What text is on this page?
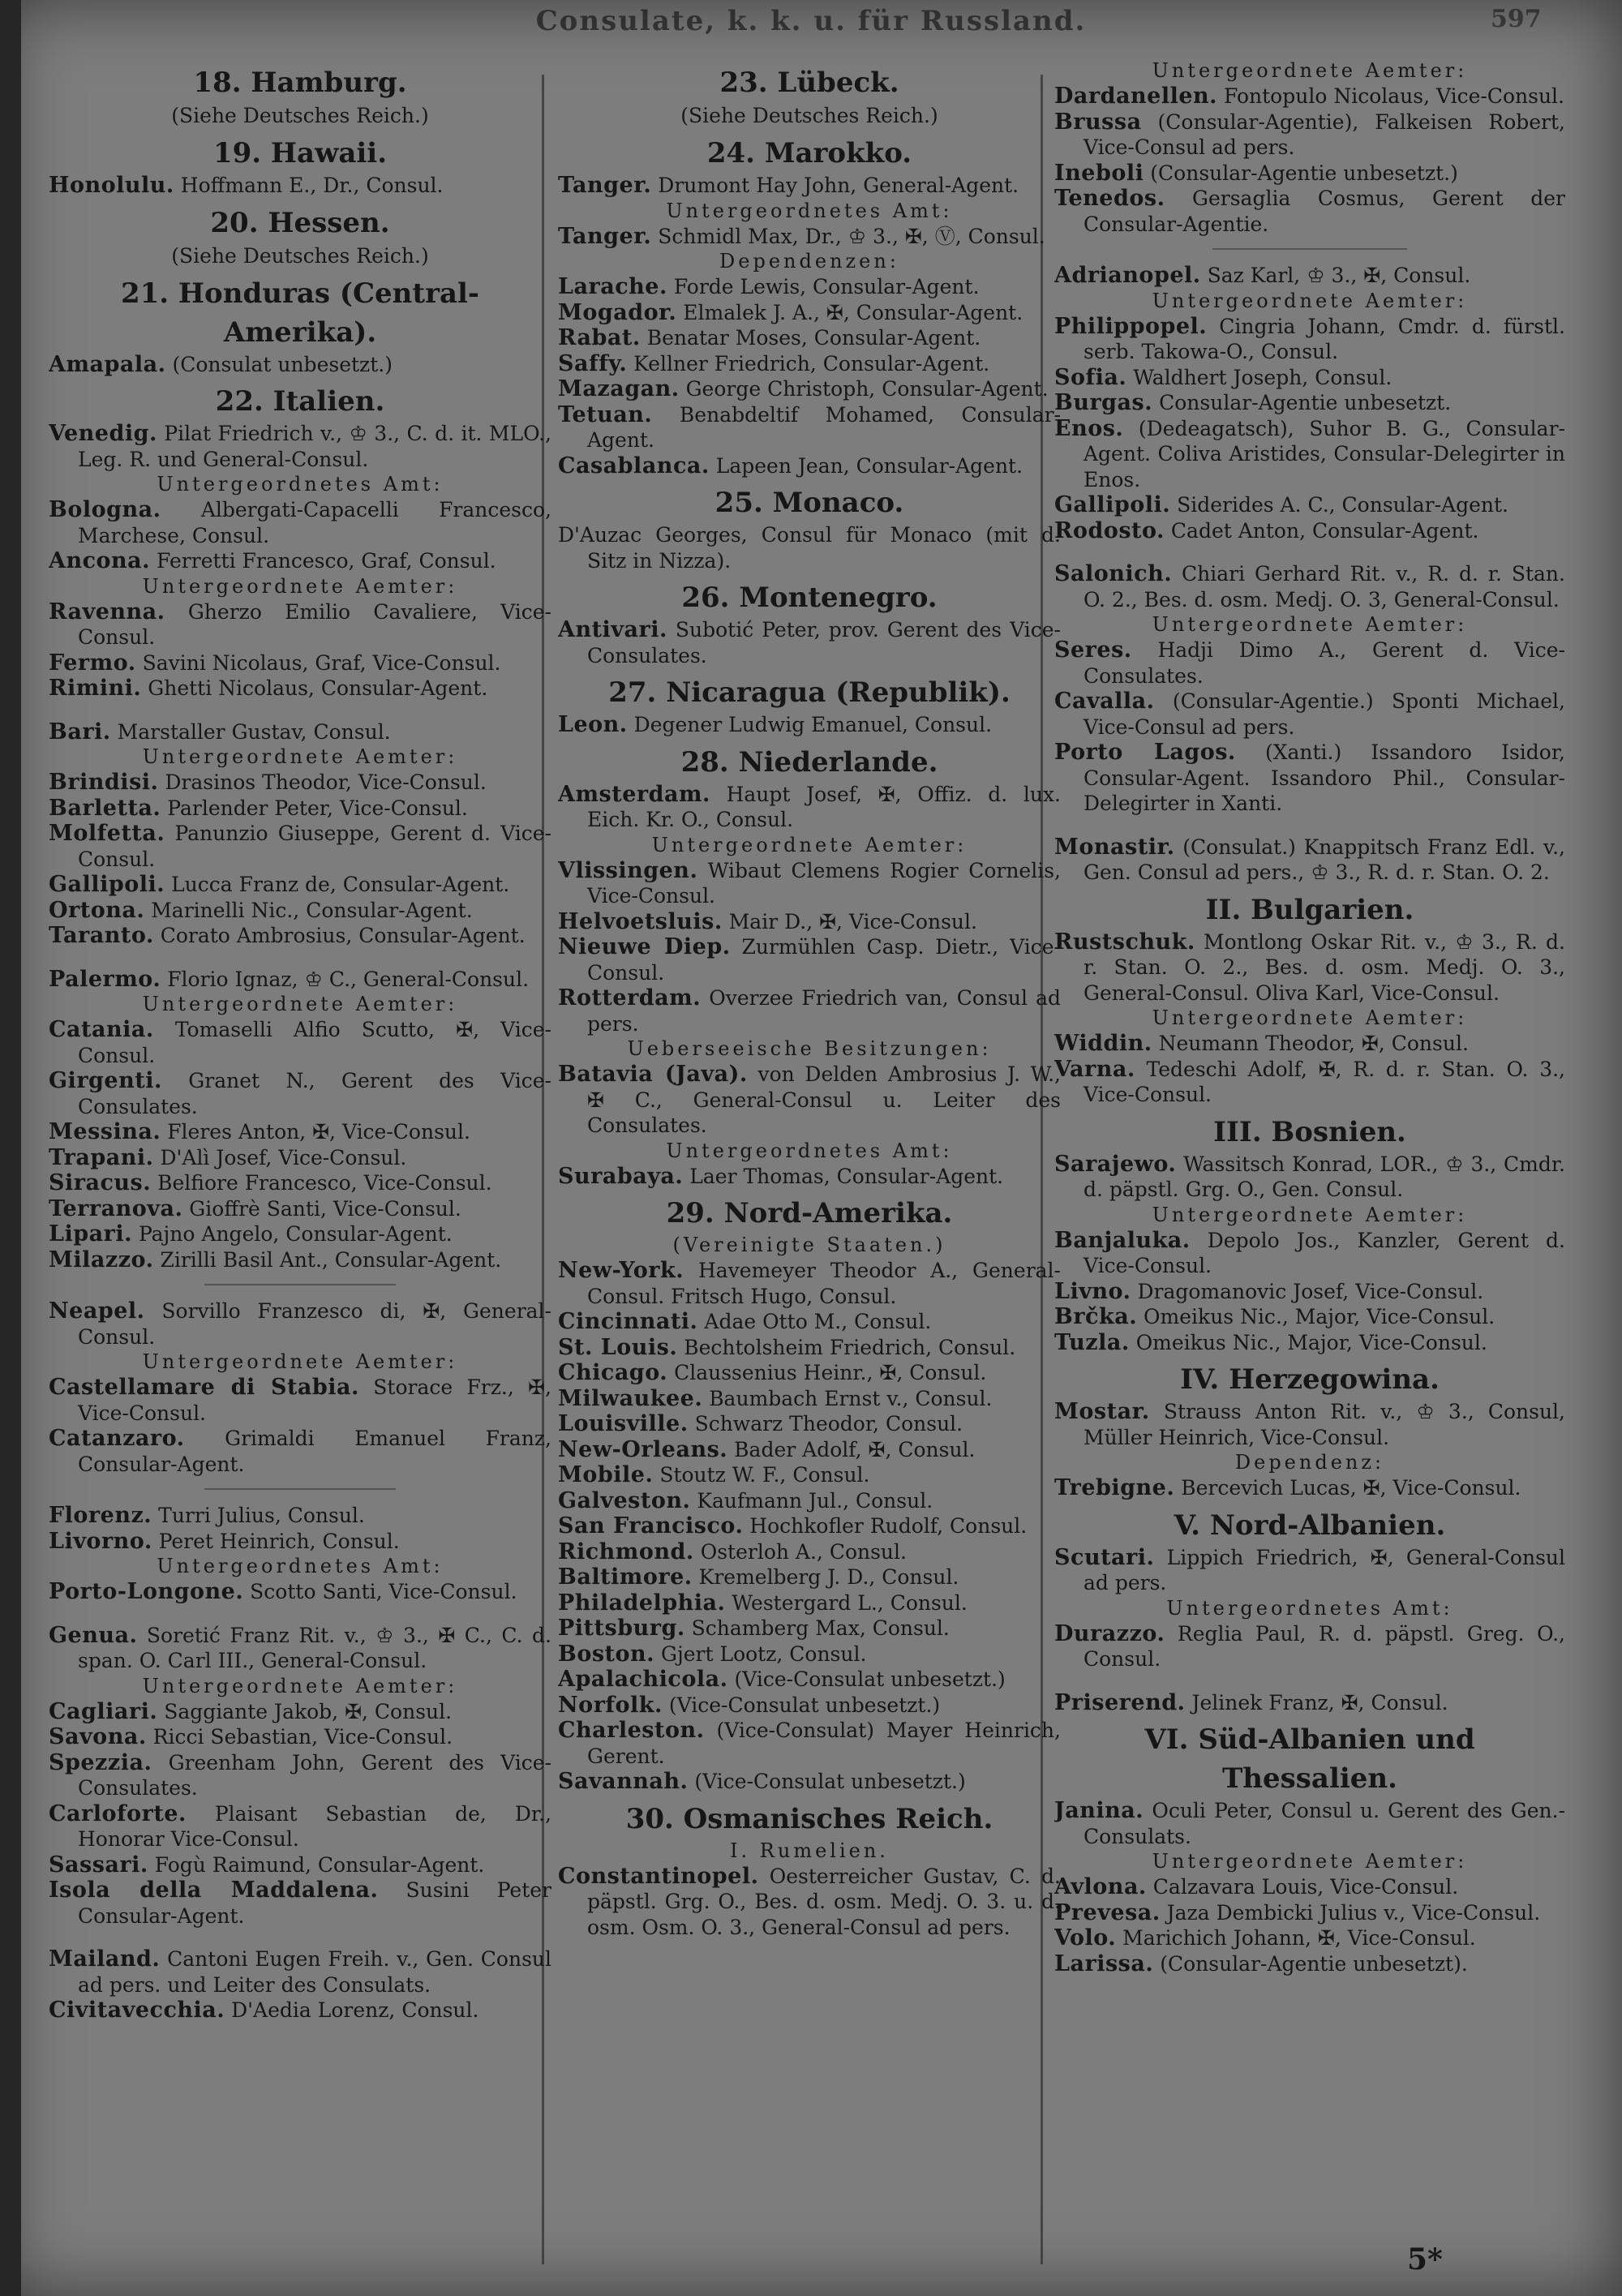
Consulate, k. k. u. für Russland.	597
18. Hamburg.
(Siehe Deutsches Reich.)
19. Hawaii.
Honolulu. Hoffmann E., Dr., Consul.
20. Hessen.
(Siehe Deutsches Reich.)
21. Honduras (Central-Amerika).
Amapala. (Consulat unbesetzt.)
22. Italien.
Venedig. Pilat Friedrich v., ♔ 3., C. d. it. MLO., Leg. R. und General-Consul.
Untergeordnetes Amt:
Bologna. Albergati-Capacelli Francesco, Marchese, Consul.
Ancona. Ferretti Francesco, Graf, Consul.
Untergeordnete Aemter:
Ravenna. Gherzo Emilio Cavaliere, Vice-Consul.
Fermo. Savini Nicolaus, Graf, Vice-Consul.
Rimini. Ghetti Nicolaus, Consular-Agent.
Bari. Marstaller Gustav, Consul.
Untergeordnete Aemter:
Brindisi. Drasinos Theodor, Vice-Consul.
Barletta. Parlender Peter, Vice-Consul.
Molfetta. Panunzio Giuseppe, Gerent d. Vice-Consul.
Gallipoli. Lucca Franz de, Consular-Agent.
Ortona. Marinelli Nic., Consular-Agent.
Taranto. Corato Ambrosius, Consular-Agent.
Palermo. Florio Ignaz, ♔ C., General-Consul.
Untergeordnete Aemter:
Catania. Tomaselli Alfio Scutto, ✠, Vice-Consul.
Girgenti. Granet N., Gerent des Vice-Consulates.
Messina. Fleres Anton, ✠, Vice-Consul.
Trapani. D'Alì Josef, Vice-Consul.
Siracus. Belfiore Francesco, Vice-Consul.
Terranova. Gioffrè Santi, Vice-Consul.
Lipari. Pajno Angelo, Consular-Agent.
Milazzo. Zirilli Basil Ant., Consular-Agent.
Neapel. Sorvillo Franzesco di, ✠, General-Consul.
Untergeordnete Aemter:
Castellamare di Stabia. Storace Frz., ✠, Vice-Consul.
Catanzaro. Grimaldi Emanuel Franz, Consular-Agent.
Florenz. Turri Julius, Consul.
Livorno. Peret Heinrich, Consul.
Untergeordnetes Amt:
Porto-Longone. Scotto Santi, Vice-Consul.
Genua. Soretić Franz Rit. v., ♔ 3., ✠ C., C. d. span. O. Carl III., General-Consul.
Untergeordnete Aemter:
Cagliari. Saggiante Jakob, ✠, Consul.
Savona. Ricci Sebastian, Vice-Consul.
Spezzia. Greenham John, Gerent des Vice-Consulates.
Carloforte. Plaisant Sebastian de, Dr., Honorar Vice-Consul.
Sassari. Fogù Raimund, Consular-Agent.
Isola della Maddalena. Susini Peter Consular-Agent.
Mailand. Cantoni Eugen Freih. v., Gen. Consul ad pers. und Leiter des Consulats.
Civitavecchia. D'Aedia Lorenz, Consul.
23. Lübeck.
(Siehe Deutsches Reich.)
24. Marokko.
Tanger. Drumont Hay John, General-Agent.
Untergeordnetes Amt:
Tanger. Schmidl Max, Dr., ♔ 3., ✠, Ⓥ, Consul.
Dependenzen:
Larache. Forde Lewis, Consular-Agent.
Mogador. Elmalek J. A., ✠, Consular-Agent.
Rabat. Benatar Moses, Consular-Agent.
Saffy. Kellner Friedrich, Consular-Agent.
Mazagan. George Christoph, Consular-Agent.
Tetuan. Benabdeltif Mohamed, Consular-Agent.
Casablanca. Lapeen Jean, Consular-Agent.
25. Monaco.
D'Auzac Georges, Consul für Monaco (mit d. Sitz in Nizza).
26. Montenegro.
Antivari. Subotić Peter, prov. Gerent des Vice-Consulates.
27. Nicaragua (Republik).
Leon. Degener Ludwig Emanuel, Consul.
28. Niederlande.
Amsterdam. Haupt Josef, ✠, Offiz. d. lux. Eich. Kr. O., Consul.
Untergeordnete Aemter:
Vlissingen. Wibaut Clemens Rogier Cornelis, Vice-Consul.
Helvoetsluis. Mair D., ✠, Vice-Consul.
Nieuwe Diep. Zurmühlen Casp. Dietr., Vice-Consul.
Rotterdam. Overzee Friedrich van, Consul ad pers.
Ueberseeische Besitzungen:
Batavia (Java). von Delden Ambrosius J. W., ✠ C., General-Consul u. Leiter des Consulates.
Untergeordnetes Amt:
Surabaya. Laer Thomas, Consular-Agent.
29. Nord-Amerika.
(Vereinigte Staaten.)
New-York. Havemeyer Theodor A., General-Consul. Fritsch Hugo, Consul.
Cincinnati. Adae Otto M., Consul.
St. Louis. Bechtolsheim Friedrich, Consul.
Chicago. Claussenius Heinr., ✠, Consul.
Milwaukee. Baumbach Ernst v., Consul.
Louisville. Schwarz Theodor, Consul.
New-Orleans. Bader Adolf, ✠, Consul.
Mobile. Stoutz W. F., Consul.
Galveston. Kaufmann Jul., Consul.
San Francisco. Hochkofler Rudolf, Consul.
Richmond. Osterloh A., Consul.
Baltimore. Kremelberg J. D., Consul.
Philadelphia. Westergard L., Consul.
Pittsburg. Schamberg Max, Consul.
Boston. Gjert Lootz, Consul.
Apalachicola. (Vice-Consulat unbesetzt.)
Norfolk. (Vice-Consulat unbesetzt.)
Charleston. (Vice-Consulat) Mayer Heinrich, Gerent.
Savannah. (Vice-Consulat unbesetzt.)
30. Osmanisches Reich.
I. Rumelien.
Constantinopel. Oesterreicher Gustav, C. d. päpstl. Grg. O., Bes. d. osm. Medj. O. 3. u. d. osm. Osm. O. 3., General-Consul ad pers.
Untergeordnete Aemter:
Dardanellen. Fontopulo Nicolaus, Vice-Consul.
Brussa (Consular-Agentie), Falkeisen Robert, Vice-Consul ad pers.
Ineboli (Consular-Agentie unbesetzt.)
Tenedos. Gersaglia Cosmus, Gerent der Consular-Agentie.
Adrianopel. Saz Karl, ♔ 3., ✠, Consul.
Untergeordnete Aemter:
Philippopel. Cingria Johann, Cmdr. d. fürstl. serb. Takowa-O., Consul.
Sofia. Waldhert Joseph, Consul.
Burgas. Consular-Agentie unbesetzt.
Enos. (Dedeagatsch), Suhor B. G., Consular-Agent. Coliva Aristides, Consular-Delegirter in Enos.
Gallipoli. Siderides A. C., Consular-Agent.
Rodosto. Cadet Anton, Consular-Agent.
Salonich. Chiari Gerhard Rit. v., R. d. r. Stan. O. 2., Bes. d. osm. Medj. O. 3, General-Consul.
Untergeordnete Aemter:
Seres. Hadji Dimo A., Gerent d. Vice-Consulates.
Cavalla. (Consular-Agentie.) Sponti Michael, Vice-Consul ad pers.
Porto Lagos. (Xanti.) Issandoro Isidor, Consular-Agent. Issandoro Phil., Consular-Delegirter in Xanti.
Monastir. (Consulat.) Knappitsch Franz Edl. v., Gen. Consul ad pers., ♔ 3., R. d. r. Stan. O. 2.
II. Bulgarien.
Rustschuk. Montlong Oskar Rit. v., ♔ 3., R. d. r. Stan. O. 2., Bes. d. osm. Medj. O. 3., General-Consul. Oliva Karl, Vice-Consul.
Untergeordnete Aemter:
Widdin. Neumann Theodor, ✠, Consul.
Varna. Tedeschi Adolf, ✠, R. d. r. Stan. O. 3., Vice-Consul.
III. Bosnien.
Sarajewo. Wassitsch Konrad, LOR., ♔ 3., Cmdr. d. päpstl. Grg. O., Gen. Consul.
Untergeordnete Aemter:
Banjaluka. Depolo Jos., Kanzler, Gerent d. Vice-Consul.
Livno. Dragomanovic Josef, Vice-Consul.
Brčka. Omeikus Nic., Major, Vice-Consul.
Tuzla. Omeikus Nic., Major, Vice-Consul.
IV. Herzegowina.
Mostar. Strauss Anton Rit. v., ♔ 3., Consul, Müller Heinrich, Vice-Consul.
Dependenz:
Trebigne. Bercevich Lucas, ✠, Vice-Consul.
V. Nord-Albanien.
Scutari. Lippich Friedrich, ✠, General-Consul ad pers.
Untergeordnetes Amt:
Durazzo. Reglia Paul, R. d. päpstl. Greg. O., Consul.
Priserend. Jelinek Franz, ✠, Consul.
VI. Süd-Albanien und Thessalien.
Janina. Oculi Peter, Consul u. Gerent des Gen.-Consulats.
Untergeordnete Aemter:
Avlona. Calzavara Louis, Vice-Consul.
Prevesa. Jaza Dembicki Julius v., Vice-Consul.
Volo. Marichich Johann, ✠, Vice-Consul.
Larissa. (Consular-Agentie unbesetzt).
5*
